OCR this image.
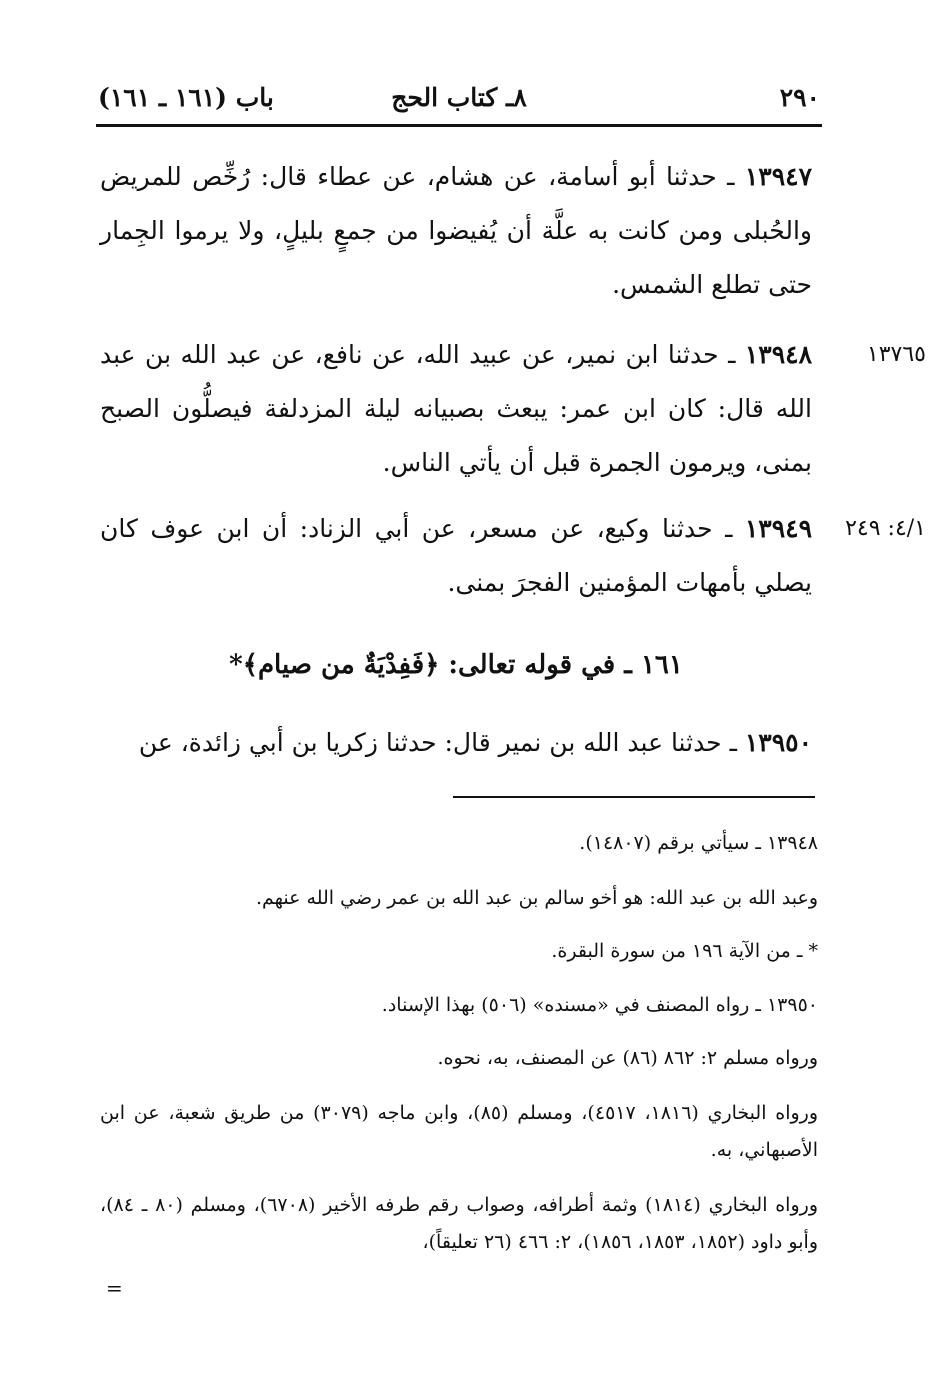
٢٩٠
٨ـ كتاب الحج
باب (١٦١ ـ ١٦١)

١٣٩٤٧ ـ حدثنا أبو أسامة، عن هشام، عن عطاء قال: رُخِّص للمريض والحُبلى ومن كانت به علَّة أن يُفيضوا من جمعٍ بليلٍ، ولا يرموا الجِمار حتى تطلع الشمس.

١٣٧٦٥

١٣٩٤٨ ـ حدثنا ابن نمير، عن عبيد الله، عن نافع، عن عبد الله بن عبد الله قال: كان ابن عمر: يبعث بصبيانه ليلة المزدلفة فيصلُّون الصبح بمنى، ويرمون الجمرة قبل أن يأتي الناس.

٤/١: ٢٤٩

١٣٩٤٩ ـ حدثنا وكيع، عن مسعر، عن أبي الزناد: أن ابن عوف كان يصلي بأمهات المؤمنين الفجرَ بمنى.

١٦١ ـ في قوله تعالى: ﴿فَفِدْيَةٌ من صيام﴾*

١٣٩٥٠ ـ حدثنا عبد الله بن نمير قال: حدثنا زكريا بن أبي زائدة، عن

١٣٩٤٨ ـ سيأتي برقم (١٤٨٠٧).

وعبد الله بن عبد الله: هو أخو سالم بن عبد الله بن عمر رضي الله عنهم.

* ـ من الآية ١٩٦ من سورة البقرة.

١٣٩٥٠ ـ رواه المصنف في «مسنده» (٥٠٦) بهذا الإسناد.

ورواه مسلم ٢: ٨٦٢ (٨٦) عن المصنف، به، نحوه.

ورواه البخاري (١٨١٦، ٤٥١٧)، ومسلم (٨٥)، وابن ماجه (٣٠٧٩) من طريق شعبة، عن ابن الأصبهاني، به.

ورواه البخاري (١٨١٤) وثمة أطرافه، وصواب رقم طرفه الأخير (٦٧٠٨)، ومسلم (٨٠ ـ ٨٤)، وأبو داود (١٨٥٢، ١٨٥٣، ١٨٥٦)، ٢: ٤٦٦ (٢٦ تعليقاً)،

=
